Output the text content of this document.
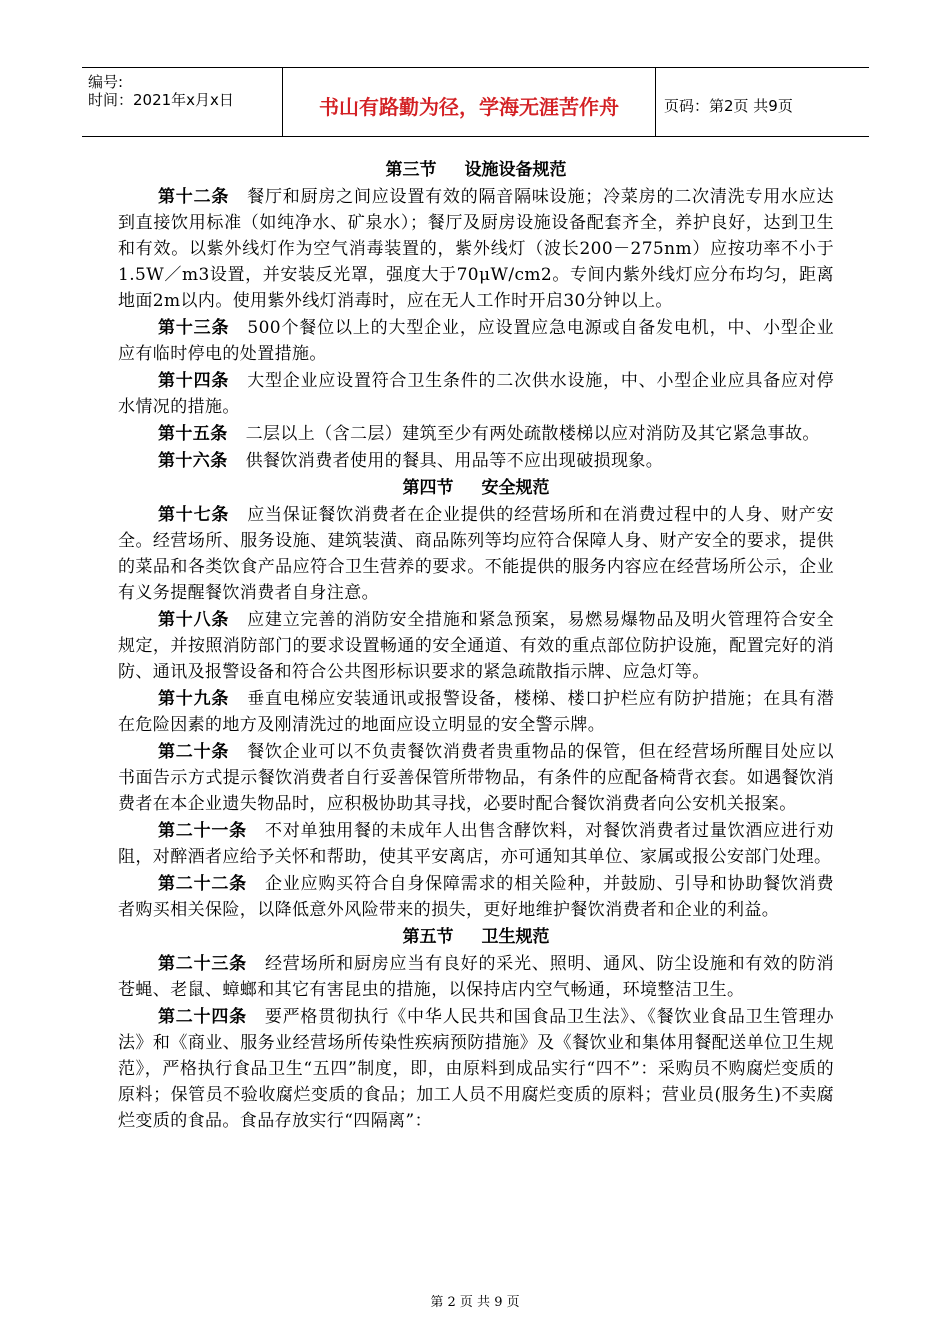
编号:
时间：2021年x月x日	书山有路勤为径，学海无涯苦作舟	页码：第2页 共9页
第三节 设施设备规范

第十二条 餐厅和厨房之间应设置有效的隔音隔味设施；冷菜房的二次清洗专用水应达到直接饮用标准（如纯净水、矿泉水）；餐厅及厨房设施设备配套齐全，养护良好，达到卫生和有效。以紫外线灯作为空气消毒装置的，紫外线灯（波长200－275nm）应按功率不小于1.5W／m3设置，并安装反光罩，强度大于70μW/cm2。专间内紫外线灯应分布均匀，距离地面2m以内。使用紫外线灯消毒时，应在无人工作时开启30分钟以上。

第十三条 500个餐位以上的大型企业，应设置应急电源或自备发电机，中、小型企业应有临时停电的处置措施。

第十四条 大型企业应设置符合卫生条件的二次供水设施，中、小型企业应具备应对停水情况的措施。

第十五条 二层以上（含二层）建筑至少有两处疏散楼梯以应对消防及其它紧急事故。

第十六条 供餐饮消费者使用的餐具、用品等不应出现破损现象。

第四节 安全规范

第十七条 应当保证餐饮消费者在企业提供的经营场所和在消费过程中的人身、财产安全。经营场所、服务设施、建筑装潢、商品陈列等均应符合保障人身、财产安全的要求，提供的菜品和各类饮食产品应符合卫生营养的要求。不能提供的服务内容应在经营场所公示，企业有义务提醒餐饮消费者自身注意。

第十八条 应建立完善的消防安全措施和紧急预案，易燃易爆物品及明火管理符合安全规定，并按照消防部门的要求设置畅通的安全通道、有效的重点部位防护设施，配置完好的消防、通讯及报警设备和符合公共图形标识要求的紧急疏散指示牌、应急灯等。

第十九条 垂直电梯应安装通讯或报警设备，楼梯、楼口护栏应有防护措施；在具有潜在危险因素的地方及刚清洗过的地面应设立明显的安全警示牌。

第二十条 餐饮企业可以不负责餐饮消费者贵重物品的保管，但在经营场所醒目处应以书面告示方式提示餐饮消费者自行妥善保管所带物品，有条件的应配备椅背衣套。如遇餐饮消费者在本企业遗失物品时，应积极协助其寻找，必要时配合餐饮消费者向公安机关报案。

第二十一条 不对单独用餐的未成年人出售含酵饮料，对餐饮消费者过量饮酒应进行劝阻，对醉酒者应给予关怀和帮助，使其平安离店，亦可通知其单位、家属或报公安部门处理。

第二十二条 企业应购买符合自身保障需求的相关险种，并鼓励、引导和协助餐饮消费者购买相关保险，以降低意外风险带来的损失，更好地维护餐饮消费者和企业的利益。

第五节 卫生规范

第二十三条 经营场所和厨房应当有良好的采光、照明、通风、防尘设施和有效的防消苍蝇、老鼠、蟑螂和其它有害昆虫的措施，以保持店内空气畅通，环境整洁卫生。

第二十四条 要严格贯彻执行《中华人民共和国食品卫生法》、《餐饮业食品卫生管理办法》和《商业、服务业经营场所传染性疾病预防措施》及《餐饮业和集体用餐配送单位卫生规范》，严格执行食品卫生“五四”制度，即，由原料到成品实行“四不”：采购员不购腐烂变质的原料；保管员不验收腐烂变质的食品；加工人员不用腐烂变质的原料；营业员(服务生)不卖腐烂变质的食品。食品存放实行“四隔离”：

第 2 页 共 9 页
